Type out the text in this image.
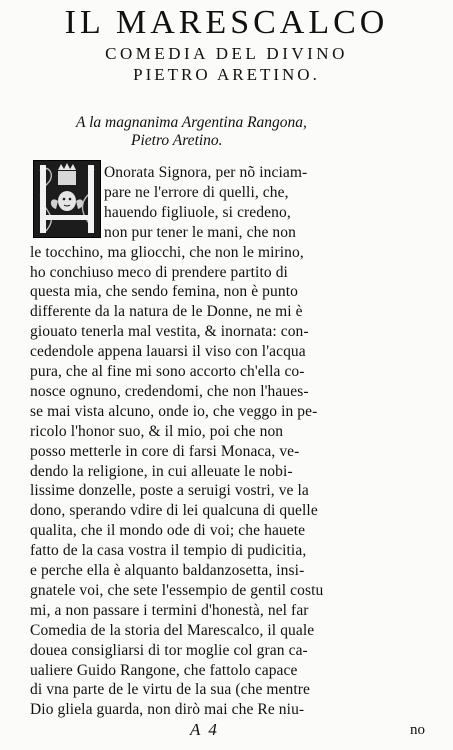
IL MARESCALCO
COMEDIA DEL DIVINO
PIETRO ARETINO.
A la magnanima Argentina Rangona,
Pietro Aretino.
Onorata Signora, per nõ inciam-
pare ne l'errore di quelli, che,
hauendo figliuole, si credeno,
non pur tener le mani, che non
le tocchino, ma gliocchi, che non le mirino,
ho conchiuso meco di prendere partito di
questa mia, che sendo femina, non è punto
differente da la natura de le Donne, ne mi è
giouato tenerla mal vestita, & inornata: con-
cedendole appena lauarsi il viso con l'acqua
pura, che al fine mi sono accorto ch'ella co-
nosce ognuno, credendomi, che non l'haues-
se mai vista alcuno, onde io, che veggo in pe-
ricolo l'honor suo, & il mio, poi che non
posso metterle in core di farsi Monaca, ve-
dendo la religione, in cui alleuate le nobi-
lissime donzelle, poste a seruigi vostri, ve la
dono, sperando vdire di lei qualcuna di quelle
qualita, che il mondo ode di voi; che hauete
fatto de la casa vostra il tempio di pudicitia,
e perche ella è alquanto baldanzosetta, insi-
gnatele voi, che sete l'essempio de gentil costu
mi, a non passare i termini d'honestà, nel far
Comedia de la storia del Marescalco, il quale
douea consigliarsi di tor moglie col gran ca-
ualiere Guido Rangone, che fattolo capace
di vna parte de le virtu de la sua (che mentre
Dio gliela guarda, non dirò mai che Re niu-
A 4	no
